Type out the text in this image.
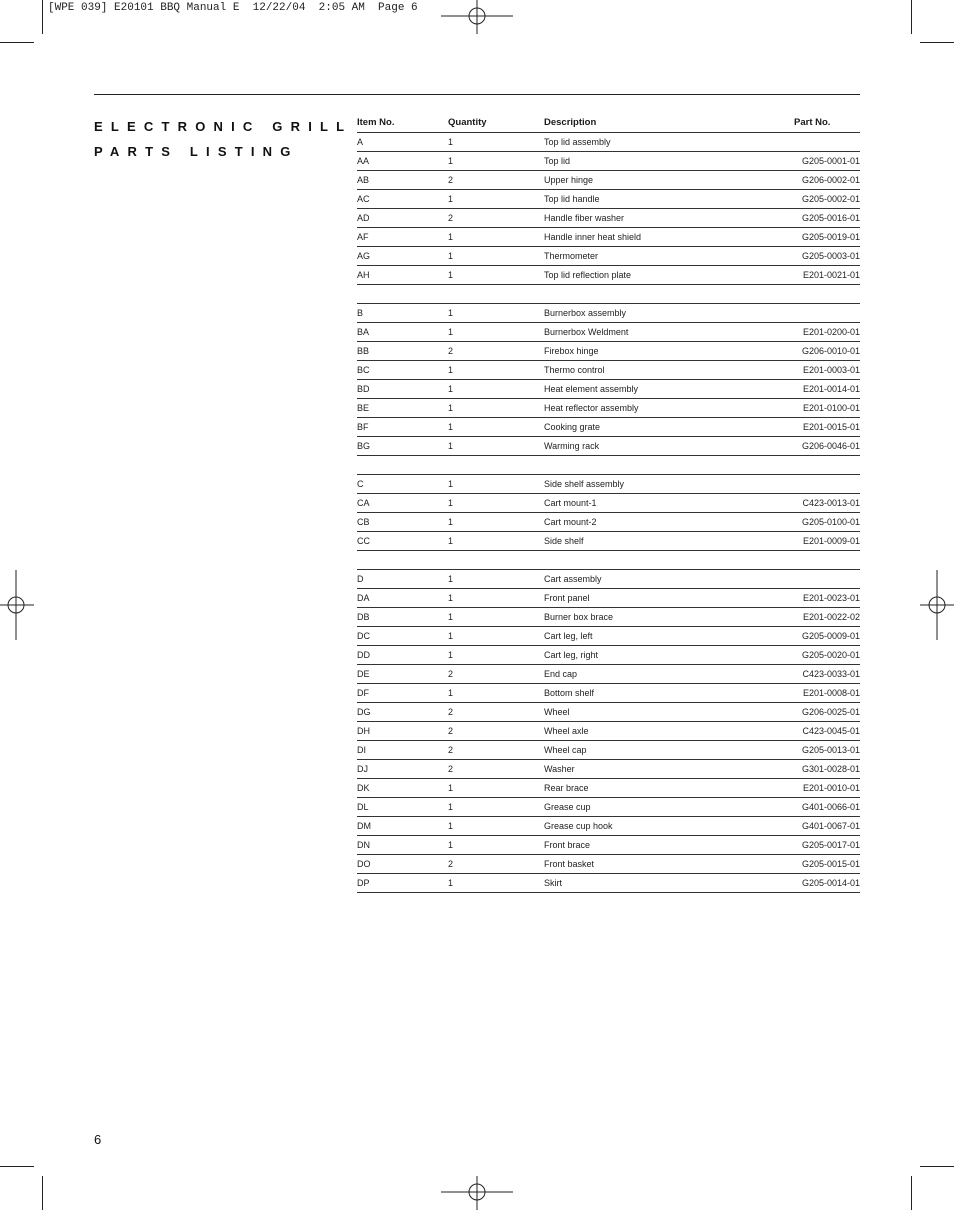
[WPE 039] E20101 BBQ Manual E  12/22/04  2:05 AM  Page 6
ELECTRONIC GRILL
PARTS LISTING
Item No.	Quantity	Description	Part No.
A	1	Top lid assembly
AA	1	Top lid	G205-0001-01
AB	2	Upper hinge	G206-0002-01
AC	1	Top lid handle	G205-0002-01
AD	2	Handle fiber washer	G205-0016-01
AF	1	Handle inner heat shield	G205-0019-01
AG	1	Thermometer	G205-0003-01
AH	1	Top lid reflection plate	E201-0021-01
B	1	Burnerbox assembly
BA	1	Burnerbox Weldment	E201-0200-01
BB	2	Firebox hinge	G206-0010-01
BC	1	Thermo control	E201-0003-01
BD	1	Heat element assembly	E201-0014-01
BE	1	Heat reflector assembly	E201-0100-01
BF	1	Cooking grate	E201-0015-01
BG	1	Warming rack	G206-0046-01
C	1	Side shelf assembly
CA	1	Cart mount-1	C423-0013-01
CB	1	Cart mount-2	G205-0100-01
CC	1	Side shelf	E201-0009-01
D	1	Cart assembly
DA	1	Front panel	E201-0023-01
DB	1	Burner box brace	E201-0022-02
DC	1	Cart leg, left	G205-0009-01
DD	1	Cart leg, right	G205-0020-01
DE	2	End cap	C423-0033-01
DF	1	Bottom shelf	E201-0008-01
DG	2	Wheel	G206-0025-01
DH	2	Wheel axle	C423-0045-01
DI	2	Wheel cap	G205-0013-01
DJ	2	Washer	G301-0028-01
DK	1	Rear brace	E201-0010-01
DL	1	Grease cup	G401-0066-01
DM	1	Grease cup hook	G401-0067-01
DN	1	Front brace	G205-0017-01
DO	2	Front basket	G205-0015-01
DP	1	Skirt	G205-0014-01
6
